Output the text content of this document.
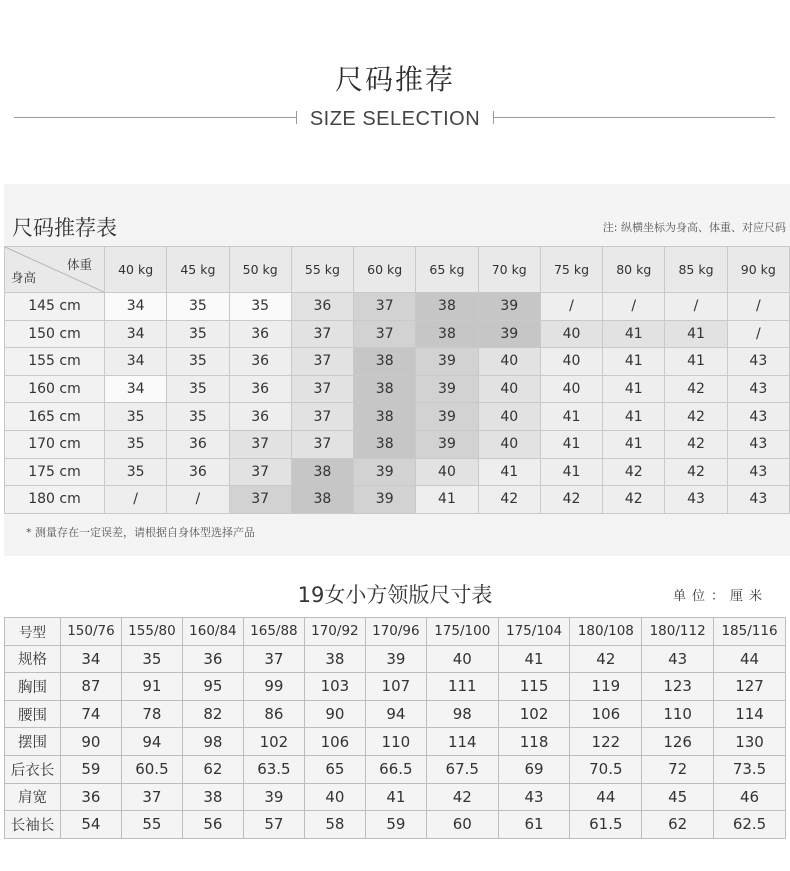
尺码推荐
SIZE SELECTION
尺码推荐表	注: 纵横坐标为身高、体重、对应尺码
体重
身高	40 kg	45 kg	50 kg	55 kg	60 kg	65 kg	70 kg	75 kg	80 kg	85 kg	90 kg
145 cm	34	35	35	36	37	38	39	/	/	/	/
150 cm	34	35	36	37	37	38	39	40	41	41	/
155 cm	34	35	36	37	38	39	40	40	41	41	43
160 cm	34	35	36	37	38	39	40	40	41	42	43
165 cm	35	35	36	37	38	39	40	41	41	42	43
170 cm	35	36	37	37	38	39	40	41	41	42	43
175 cm	35	36	37	38	39	40	41	41	42	42	43
180 cm	/	/	37	38	39	41	42	42	42	43	43
* 测量存在一定误差，请根据自身体型选择产品
19女小方领版尺寸表	单位：厘米
号型	150/76	155/80	160/84	165/88	170/92	170/96	175/100	175/104	180/108	180/112	185/116
规格	34	35	36	37	38	39	40	41	42	43	44
胸围	87	91	95	99	103	107	111	115	119	123	127
腰围	74	78	82	86	90	94	98	102	106	110	114
摆围	90	94	98	102	106	110	114	118	122	126	130
后衣长	59	60.5	62	63.5	65	66.5	67.5	69	70.5	72	73.5
肩宽	36	37	38	39	40	41	42	43	44	45	46
长袖长	54	55	56	57	58	59	60	61	61.5	62	62.5
